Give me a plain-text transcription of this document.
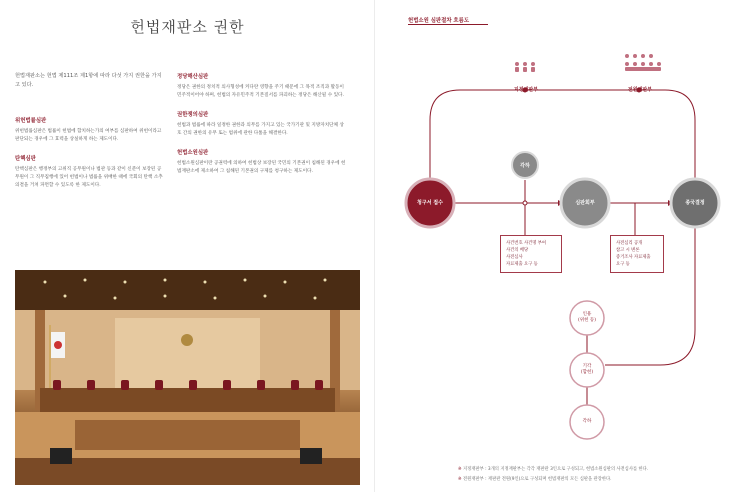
헌법재판소 권한
헌법재판소는 헌법 제111조 제1항에 따라 다섯 가지 권한을 가지고 있다.
위헌법률심판
위헌법률심판은 법률이 헌법에 합치하는가의 여부를 심판하여 위헌이라고 판단되는 경우에 그 효력을 상실하게 하는 제도이다.
탄핵심판
탄핵심판은 행정부의 고위직 공무원이나 법관 등과 같이 신분이 보장된 공무원이 그 직무집행에 있어 헌법이나 법률을 위배한 때에 국회의 탄핵 소추 의결을 거쳐 파면할 수 있도록 한 제도이다.
정당해산심판
정당은 권한의 정치적 의사형성에 커다란 영향을 주기 때문에 그 목적 조직과 활동이 민주적이어야 하며, 헌법의 자유민주적 기본질서를 파괴하는 정당은 해산될 수 있다.
권한쟁의심판
헌법과 법률에 따라 일정한 권한과 의무를 가지고 있는 국가기관 및 지방자치단체 상호 간의 권한의 유무 또는 범위에 관한 다툼을 해결한다.
헌법소원심판
헌법소원심판이란 공권력에 의하여 헌법상 보장된 국민의 기본권이 침해된 경우에 헌법재판소에 제소하여 그 침해된 기본권의 구제를 청구하는 제도이다.
헌법소원 심판절차 흐름도
지정재판부	전원재판부
청구서 접수	심판회부	종국결정
각하
사건번호 사건명 부여
사건의 배당
사전심사
자료제출 요구 등
사전심리 공개
참고 시 변론
증거조사 자료제출
요구 등
인용
(위헌 등)
기각
(합헌)
각하
※ 지정재판부 : 3개의 지정재판부는 각각 재판관 3인으로 구성되고, 헌법소원심판의 사전심사를 한다.
※ 전원재판부 : 재판관 전원(9인)으로 구성되며 헌법재판의 모든 심판을 관장한다.
